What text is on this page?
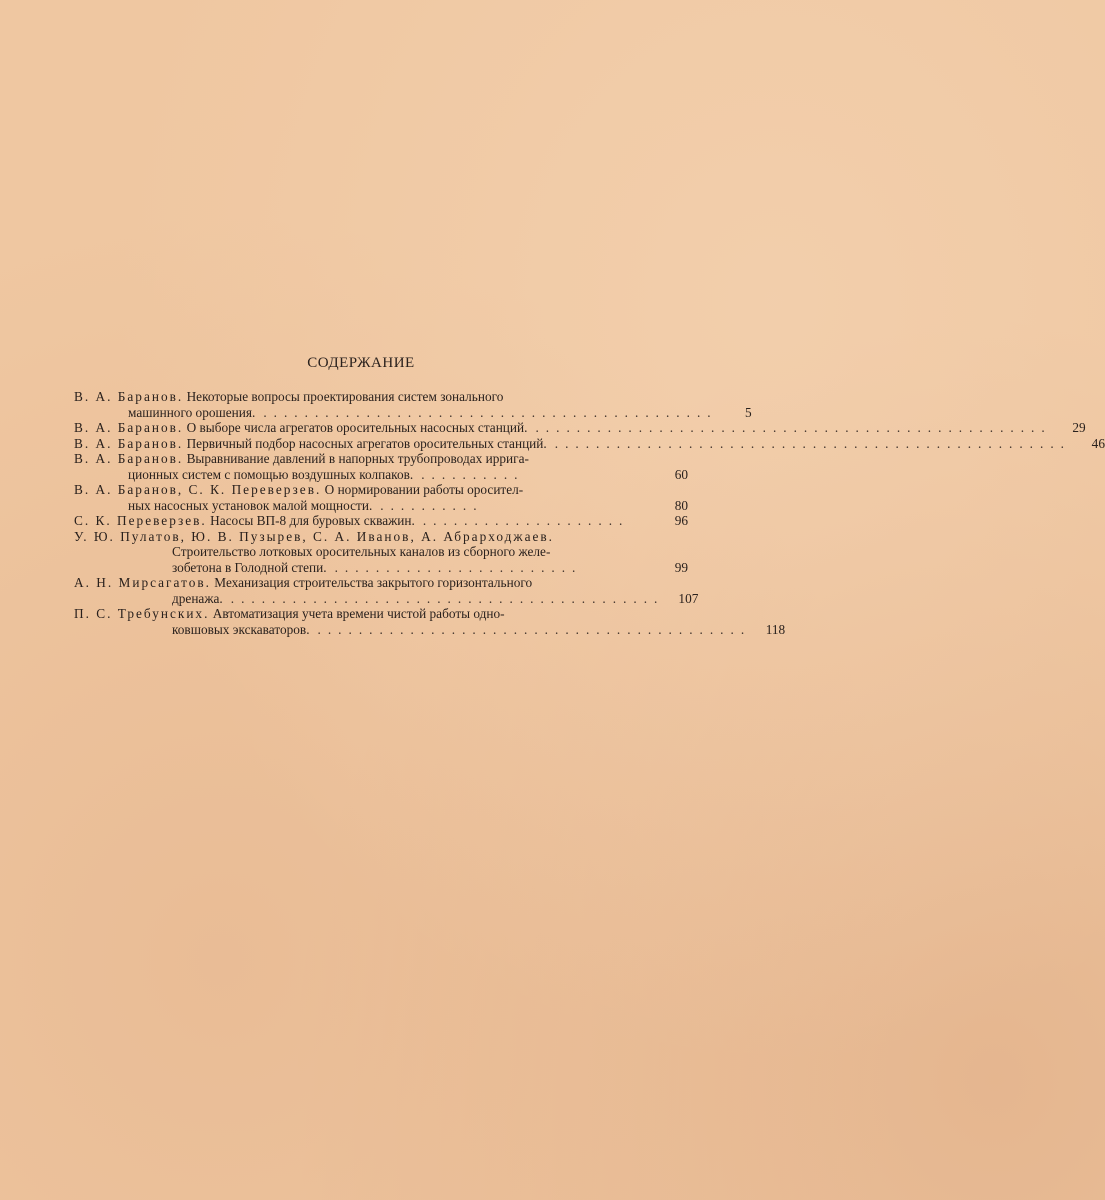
СОДЕРЖАНИЕ
В. А. Баранов. Некоторые вопросы проектирования систем зонального
машинного орошения. ............................................	5
В. А. Баранов. О выборе числа агрегатов оросительных насосных станций. ..................................................	29
В. А. Баранов. Первичный подбор насосных агрегатов оросительных станций. ..................................................	46
В. А. Баранов. Выравнивание давлений в напорных трубопроводах ирригa-
ционных систем с помощью воздушных колпаков. ..........	60
В. А. Баранов, С. К. Переверзев. О нормировании работы оросител-
ных насосных установок малой мощности. ..........	80
С. К. Переверзев. Насосы ВП-8 для буровых скважин. ....................	96
У. Ю. Пулатов, Ю. В. Пузырев, С. А. Иванов, А. Абрарходжаев.
Строительство лотковых оросительных каналов из сборного желе-
зобетона в Голодной степи. ........................	99
А. Н. Мирсагатов. Механизация строительства закрытого горизонтального
дренажа. ..........................................	107
П. С. Требунских. Автоматизация учета времени чистой работы одно-
ковшовых экскаваторов. ..........................................	118
